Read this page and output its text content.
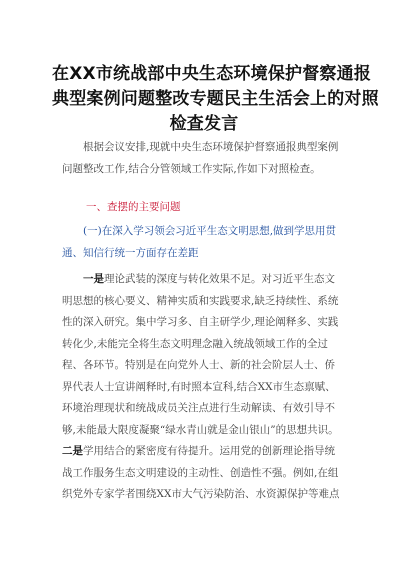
在XX市统战部中央生态环境保护督察通报
典型案例问题整改专题民主生活会上的对照
检查发言
根据会议安排,现就中央生态环境保护督察通报典型案例
问题整改工作,结合分管领域工作实际,作如下对照检查。
一、查摆的主要问题
(一)在深入学习领会习近平生态文明思想,做到学思用贯
通、知信行统一方面存在差距
一是理论武装的深度与转化效果不足。对习近平生态文
明思想的核心要义、精神实质和实践要求,缺乏持续性、系统
性的深入研究。集中学习多、自主研学少,理论阐释多、实践
转化少,未能完全将生态文明理念融入统战领域工作的全过
程、各环节。特别是在向党外人士、新的社会阶层人士、侨
界代表人士宣讲阐释时,有时照本宣科,结合XX市生态禀赋、
环境治理现状和统战成员关注点进行生动解读、有效引导不
够,未能最大限度凝聚“绿水青山就是金山银山”的思想共识。
二是学用结合的紧密度有待提升。运用党的创新理论指导统
战工作服务生态文明建设的主动性、创造性不强。例如,在组
织党外专家学者围绕XX市大气污染防治、水资源保护等难点
